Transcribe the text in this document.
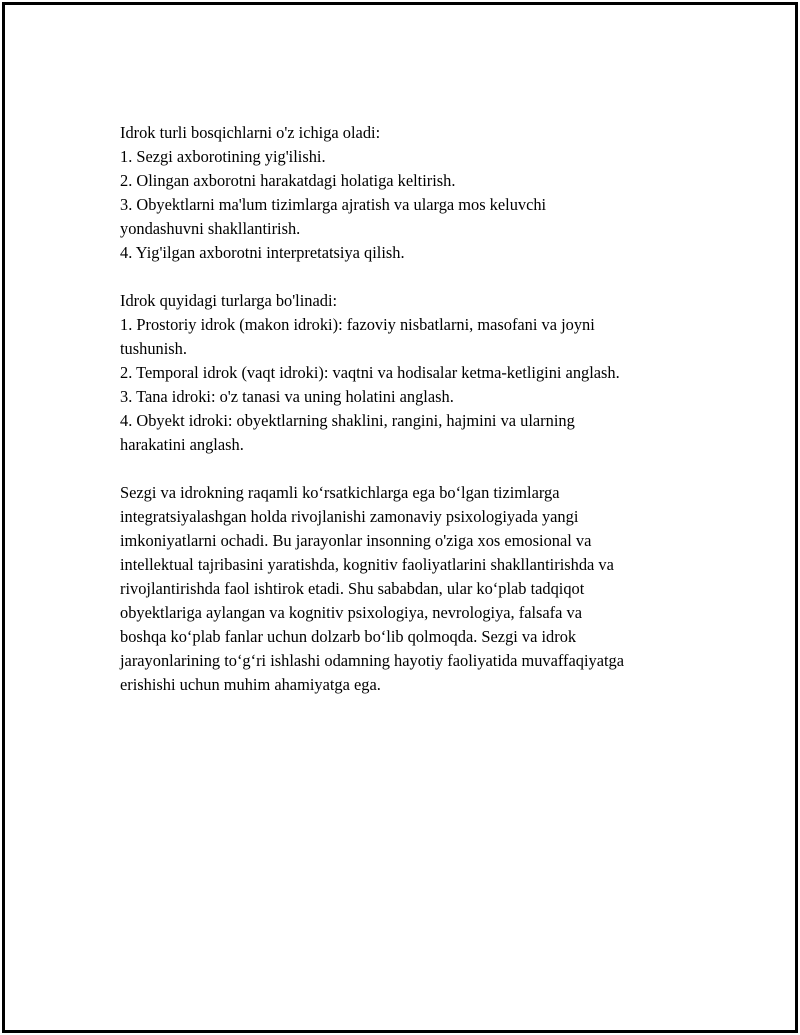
Idrok turli bosqichlarni o'z ichiga oladi:

1. Sezgi axborotining yig'ilishi.

2. Olingan axborotni harakatdagi holatiga keltirish.

3. Obyektlarni ma'lum tizimlarga ajratish va ularga mos keluvchi

yondashuvni shakllantirish.

4. Yig'ilgan axborotni interpretatsiya qilish.

Idrok quyidagi turlarga bo'linadi:

1. Prostoriy idrok (makon idroki): fazoviy nisbatlarni, masofani va joyni

tushunish.

2. Temporal idrok (vaqt idroki): vaqtni va hodisalar ketma-ketligini anglash.

3. Tana idroki: o'z tanasi va uning holatini anglash.

4. Obyekt idroki: obyektlarning shaklini, rangini, hajmini va ularning

harakatini anglash.

Sezgi va idrokning raqamli koʻrsatkichlarga ega boʻlgan tizimlarga

integratsiyalashgan holda rivojlanishi zamonaviy psixologiyada yangi

imkoniyatlarni ochadi. Bu jarayonlar insonning o'ziga xos emosional va

intellektual tajribasini yaratishda, kognitiv faoliyatlarini shakllantirishda va

rivojlantirishda faol ishtirok etadi. Shu sababdan, ular koʻplab tadqiqot

obyektlariga aylangan va kognitiv psixologiya, nevrologiya, falsafa va

boshqa koʻplab fanlar uchun dolzarb boʻlib qolmoqda. Sezgi va idrok

jarayonlarining toʻgʻri ishlashi odamning hayotiy faoliyatida muvaffaqiyatga

erishishi uchun muhim ahamiyatga ega.
